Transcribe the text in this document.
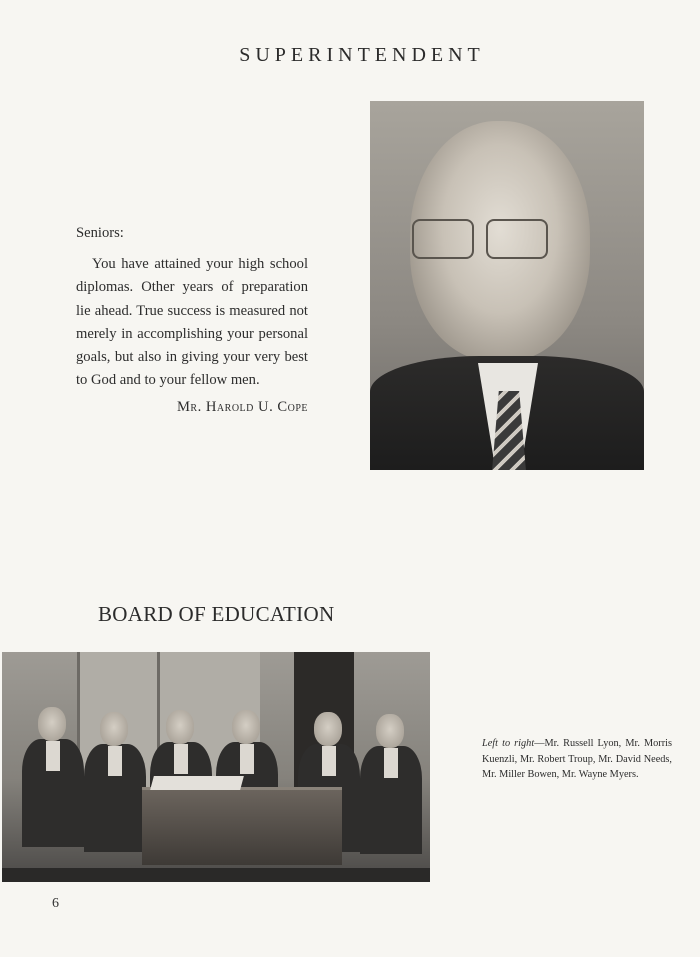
SUPERINTENDENT

Seniors:

You have attained your high school diplomas. Other years of preparation lie ahead. True success is measured not merely in accomplishing your personal goals, but also in giving your very best to God and to your fellow men.

Mr. Harold U. Cope

BOARD OF EDUCATION
Left to right—Mr. Russell Lyon, Mr. Morris Kuenzli, Mr. Robert Troup, Mr. David Needs, Mr. Miller Bowen, Mr. Wayne Myers.
6
